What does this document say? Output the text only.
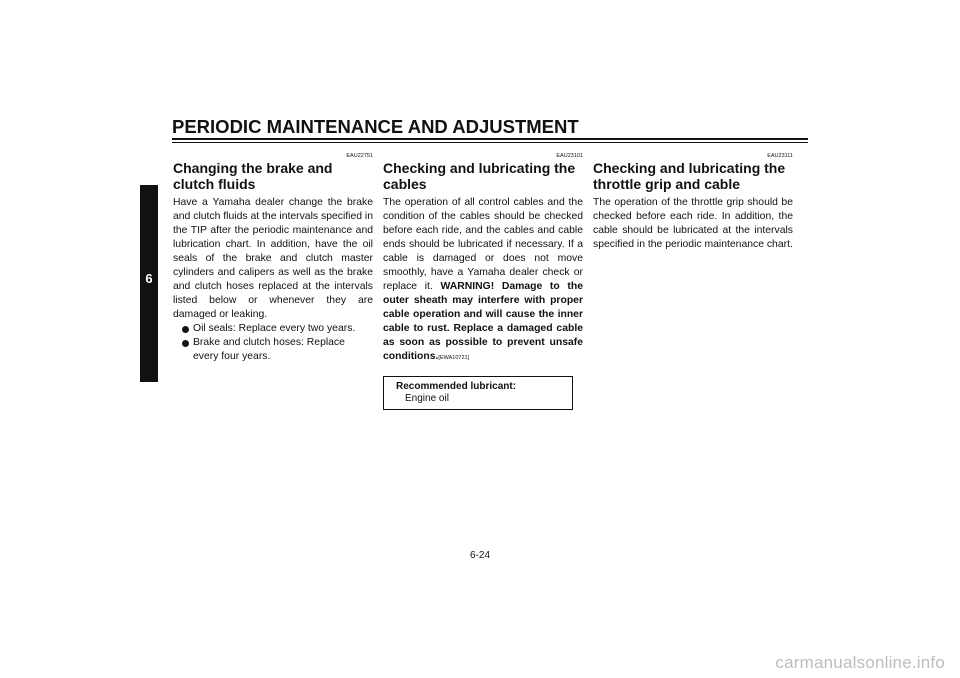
PERIODIC MAINTENANCE AND ADJUSTMENT
6
EAU22751
Changing the brake and clutch fluids

Have a Yamaha dealer change the brake and clutch fluids at the intervals specified in the TIP after the periodic maintenance and lubrication chart. In addition, have the oil seals of the brake and clutch master cylinders and calipers as well as the brake and clutch hoses replaced at the intervals listed below or whenever they are damaged or leaking.

Oil seals: Replace every two years.
Brake and clutch hoses: Replace every four years.
EAU23101
Checking and lubricating the cables

The operation of all control cables and the condition of the cables should be checked before each ride, and the cables and cable ends should be lubricated if necessary. If a cable is damaged or does not move smoothly, have a Yamaha dealer check or replace it. WARNING! Damage to the outer sheath may interfere with proper cable operation and will cause the inner cable to rust. Replace a damaged cable as soon as possible to prevent unsafe conditions.[EWA10721]

Recommended lubricant:
Engine oil
EAU23111
Checking and lubricating the throttle grip and cable

The operation of the throttle grip should be checked before each ride. In addition, the cable should be lubricated at the intervals specified in the periodic maintenance chart.

6-24
carmanualsonline.info
